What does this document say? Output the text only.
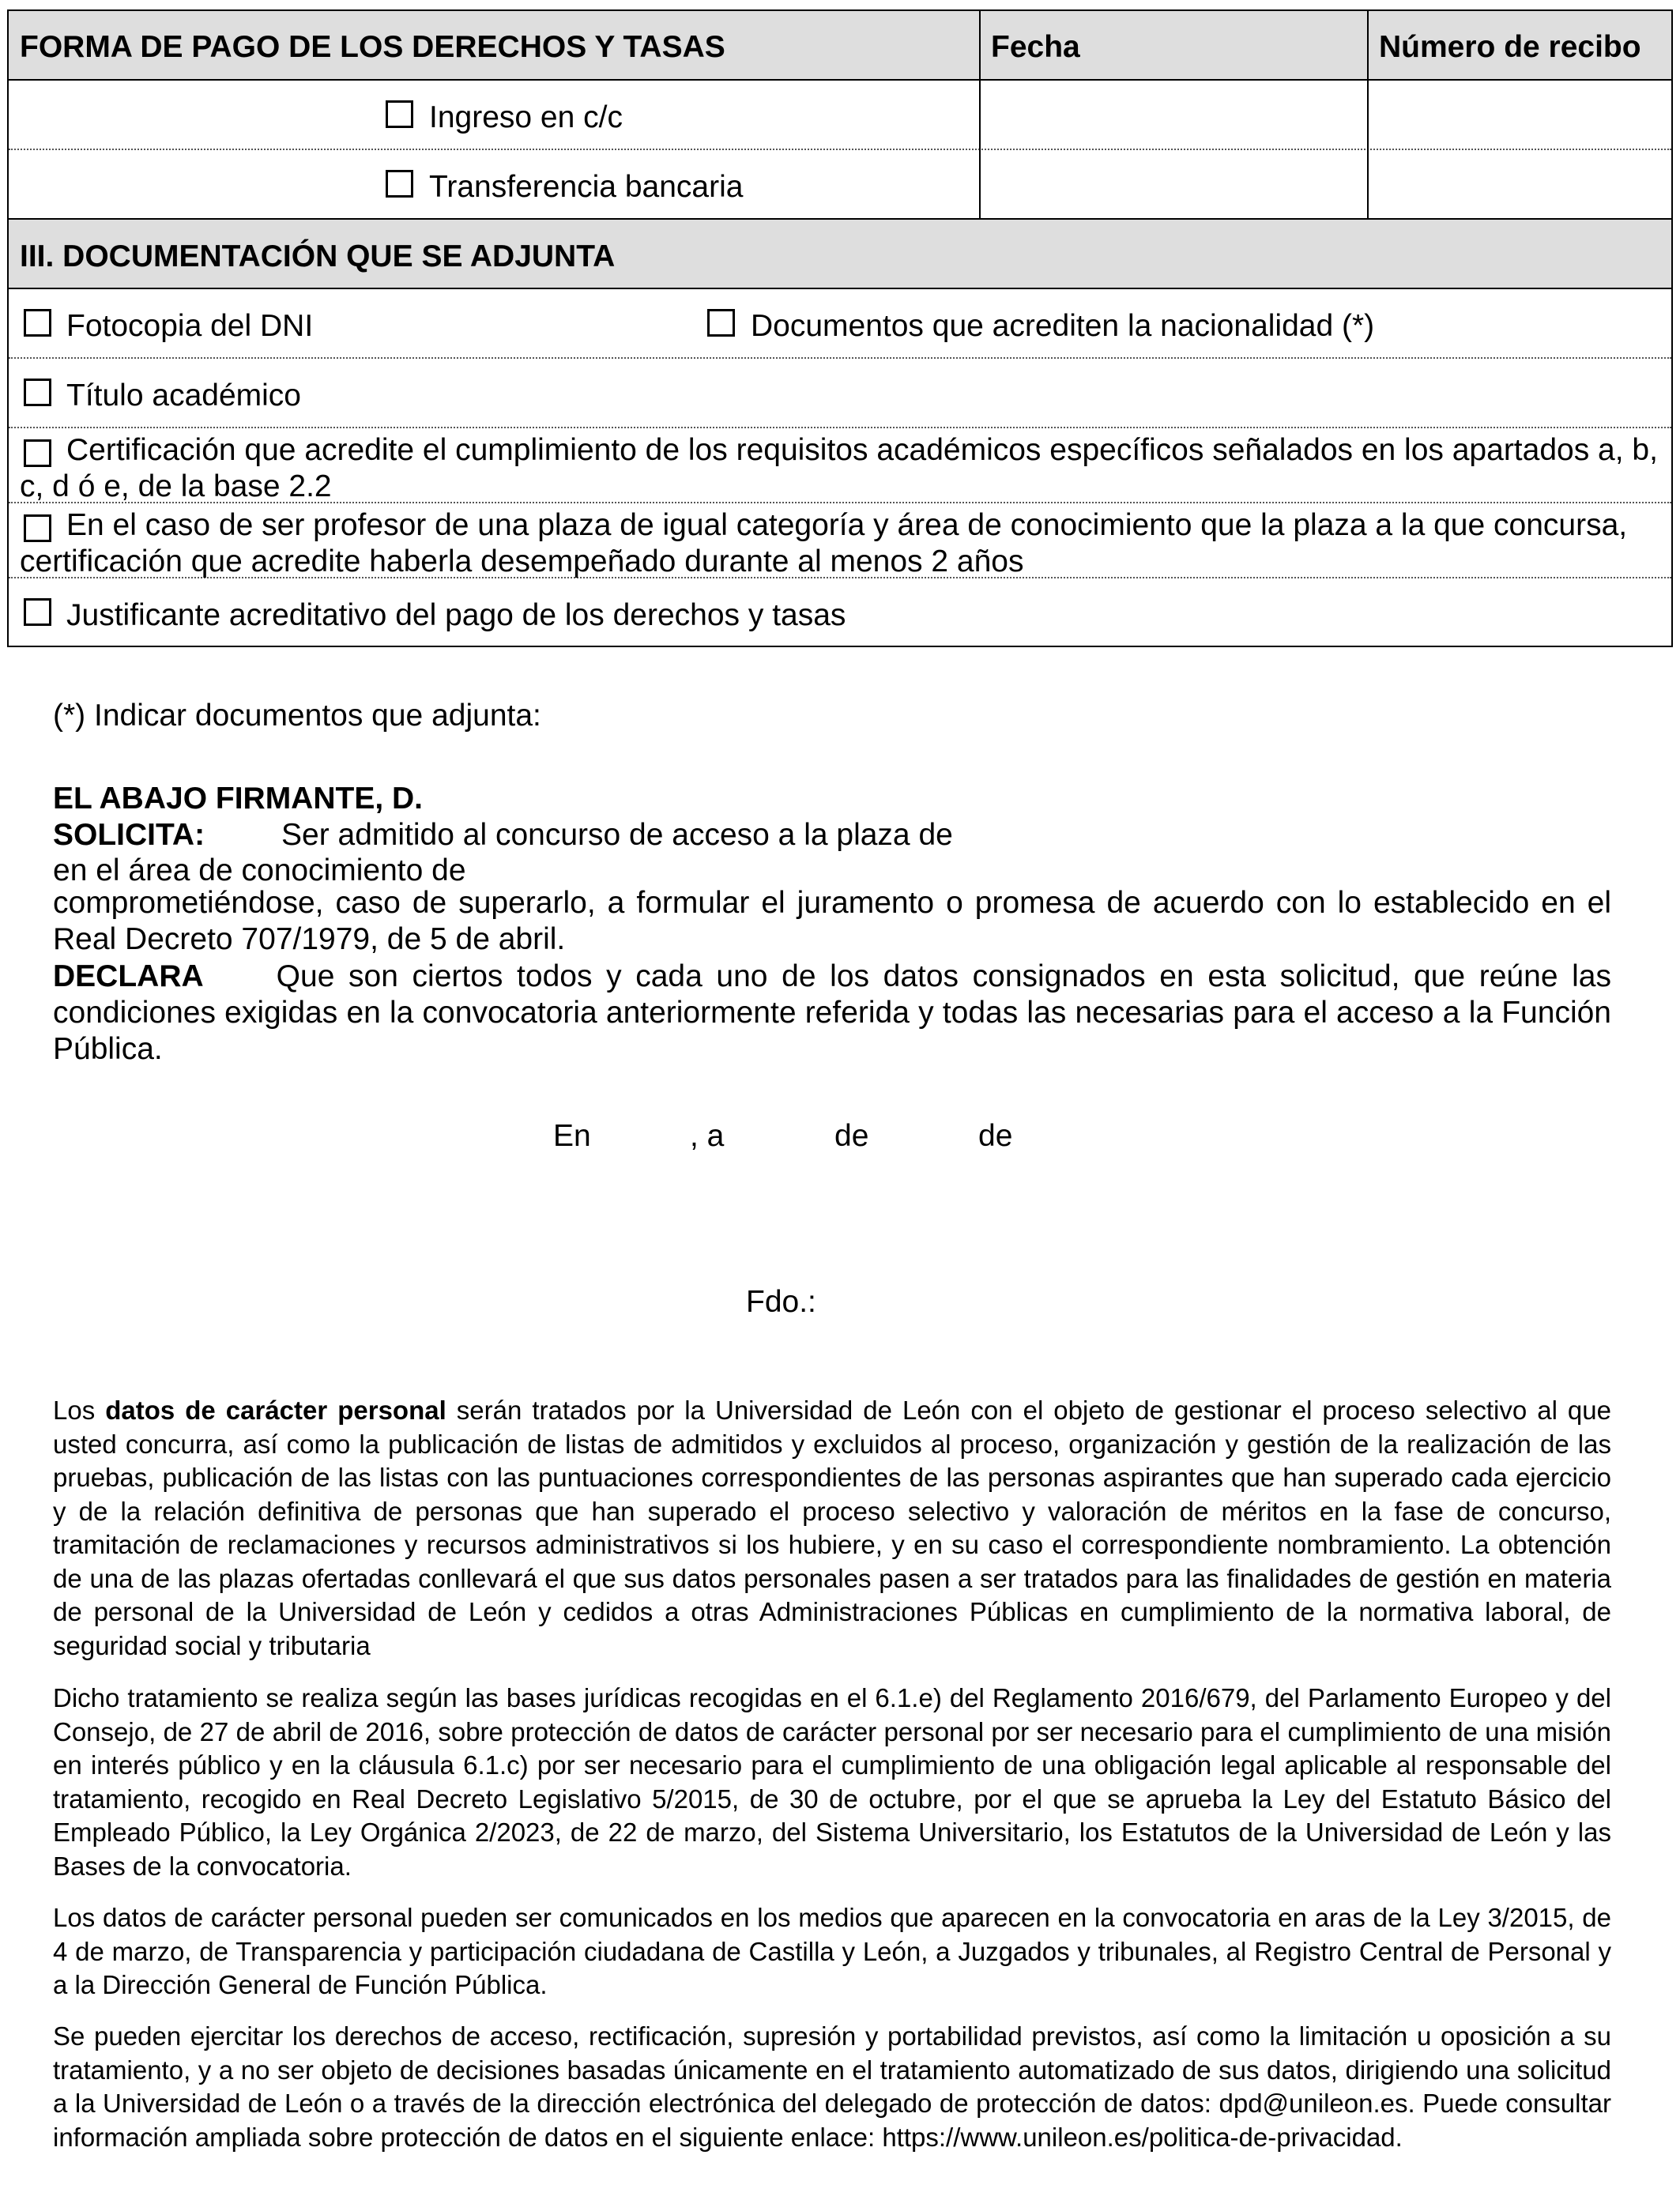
FORMA DE PAGO DE LOS DERECHOS Y TASAS	Fecha	Número de recibo
Ingreso en c/c
Transferencia bancaria
III. DOCUMENTACIÓN QUE SE ADJUNTA
Fotocopia del DNI	Documentos que acrediten la nacionalidad (*)
Título académico
Certificación que acredite el cumplimiento de los requisitos académicos específicos señalados en los apartados a, b, c, d ó e, de la base 2.2
En el caso de ser profesor de una plaza de igual categoría y área de conocimiento que la plaza a la que concursa, certificación que acredite haberla desempeñado durante al menos 2 años
Justificante acreditativo del pago de los derechos y tasas
(*) Indicar documentos que adjunta:
EL ABAJO FIRMANTE, D.
SOLICITA: Ser admitido al concurso de acceso a la plaza de
en el área de conocimiento de
comprometiéndose, caso de superarlo, a formular el juramento o promesa de acuerdo con lo establecido en el Real Decreto 707/1979, de 5 de abril.
DECLARA Que son ciertos todos y cada uno de los datos consignados en esta solicitud, que reúne las condiciones exigidas en la convocatoria anteriormente referida y todas las necesarias para el acceso a la Función Pública.
En	, a	de	de
Fdo.:
Los datos de carácter personal serán tratados por la Universidad de León con el objeto de gestionar el proceso selectivo al que usted concurra, así como la publicación de listas de admitidos y excluidos al proceso, organización y gestión de la realización de las pruebas, publicación de las listas con las puntuaciones correspondientes de las personas aspirantes que han superado cada ejercicio y de la relación definitiva de personas que han superado el proceso selectivo y valoración de méritos en la fase de concurso, tramitación de reclamaciones y recursos administrativos si los hubiere, y en su caso el correspondiente nombramiento. La obtención de una de las plazas ofertadas conllevará el que sus datos personales pasen a ser tratados para las finalidades de gestión en materia de personal de la Universidad de León y cedidos a otras Administraciones Públicas en cumplimiento de la normativa laboral, de seguridad social y tributaria
Dicho tratamiento se realiza según las bases jurídicas recogidas en el 6.1.e) del Reglamento 2016/679, del Parlamento Europeo y del Consejo, de 27 de abril de 2016, sobre protección de datos de carácter personal por ser necesario para el cumplimiento de una misión en interés público y en la cláusula 6.1.c) por ser necesario para el cumplimiento de una obligación legal aplicable al responsable del tratamiento, recogido en Real Decreto Legislativo 5/2015, de 30 de octubre, por el que se aprueba la Ley del Estatuto Básico del Empleado Público, la Ley Orgánica 2/2023, de 22 de marzo, del Sistema Universitario, los Estatutos de la Universidad de León y las Bases de la convocatoria.
Los datos de carácter personal pueden ser comunicados en los medios que aparecen en la convocatoria en aras de la Ley 3/2015, de 4 de marzo, de Transparencia y participación ciudadana de Castilla y León, a Juzgados y tribunales, al Registro Central de Personal y a la Dirección General de Función Pública.
Se pueden ejercitar los derechos de acceso, rectificación, supresión y portabilidad previstos, así como la limitación u oposición a su tratamiento, y a no ser objeto de decisiones basadas únicamente en el tratamiento automatizado de sus datos, dirigiendo una solicitud a la Universidad de León o a través de la dirección electrónica del delegado de protección de datos: dpd@unileon.es. Puede consultar información ampliada sobre protección de datos en el siguiente enlace: https://www.unileon.es/politica-de-privacidad.
